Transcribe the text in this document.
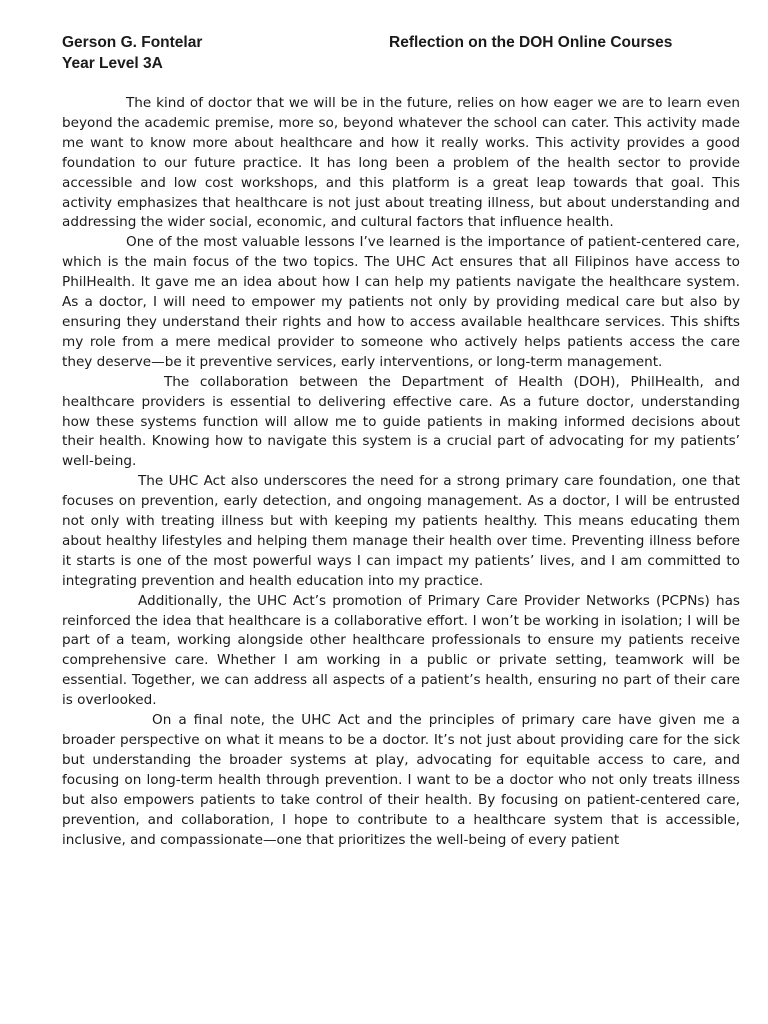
Gerson G. Fontelar
Year Level 3A
Reflection on the DOH Online Courses

The kind of doctor that we will be in the future, relies on how eager we are to learn even beyond the academic premise, more so, beyond whatever the school can cater. This activity made me want to know more about healthcare and how it really works. This activity provides a good foundation to our future practice. It has long been a problem of the health sector to provide accessible and low cost workshops, and this platform is a great leap towards that goal. This activity emphasizes that healthcare is not just about treating illness, but about understanding and addressing the wider social, economic, and cultural factors that influence health.

One of the most valuable lessons I’ve learned is the importance of patient-centered care, which is the main focus of the two topics. The UHC Act ensures that all Filipinos have access to PhilHealth. It gave me an idea about how I can help my patients navigate the healthcare system. As a doctor, I will need to empower my patients not only by providing medical care but also by ensuring they understand their rights and how to access available healthcare services. This shifts my role from a mere medical provider to someone who actively helps patients access the care they deserve—be it preventive services, early interventions, or long-term management.

The collaboration between the Department of Health (DOH), PhilHealth, and healthcare providers is essential to delivering effective care. As a future doctor, understanding how these systems function will allow me to guide patients in making informed decisions about their health. Knowing how to navigate this system is a crucial part of advocating for my patients’ well-being.

The UHC Act also underscores the need for a strong primary care foundation, one that focuses on prevention, early detection, and ongoing management. As a doctor, I will be entrusted not only with treating illness but with keeping my patients healthy. This means educating them about healthy lifestyles and helping them manage their health over time. Preventing illness before it starts is one of the most powerful ways I can impact my patients’ lives, and I am committed to integrating prevention and health education into my practice.

Additionally, the UHC Act’s promotion of Primary Care Provider Networks (PCPNs) has reinforced the idea that healthcare is a collaborative effort. I won’t be working in isolation; I will be part of a team, working alongside other healthcare professionals to ensure my patients receive comprehensive care. Whether I am working in a public or private setting, teamwork will be essential. Together, we can address all aspects of a patient’s health, ensuring no part of their care is overlooked.

On a final note, the UHC Act and the principles of primary care have given me a broader perspective on what it means to be a doctor. It’s not just about providing care for the sick but understanding the broader systems at play, advocating for equitable access to care, and focusing on long-term health through prevention. I want to be a doctor who not only treats illness but also empowers patients to take control of their health. By focusing on patient-centered care, prevention, and collaboration, I hope to contribute to a healthcare system that is accessible, inclusive, and compassionate—one that prioritizes the well-being of every patient
